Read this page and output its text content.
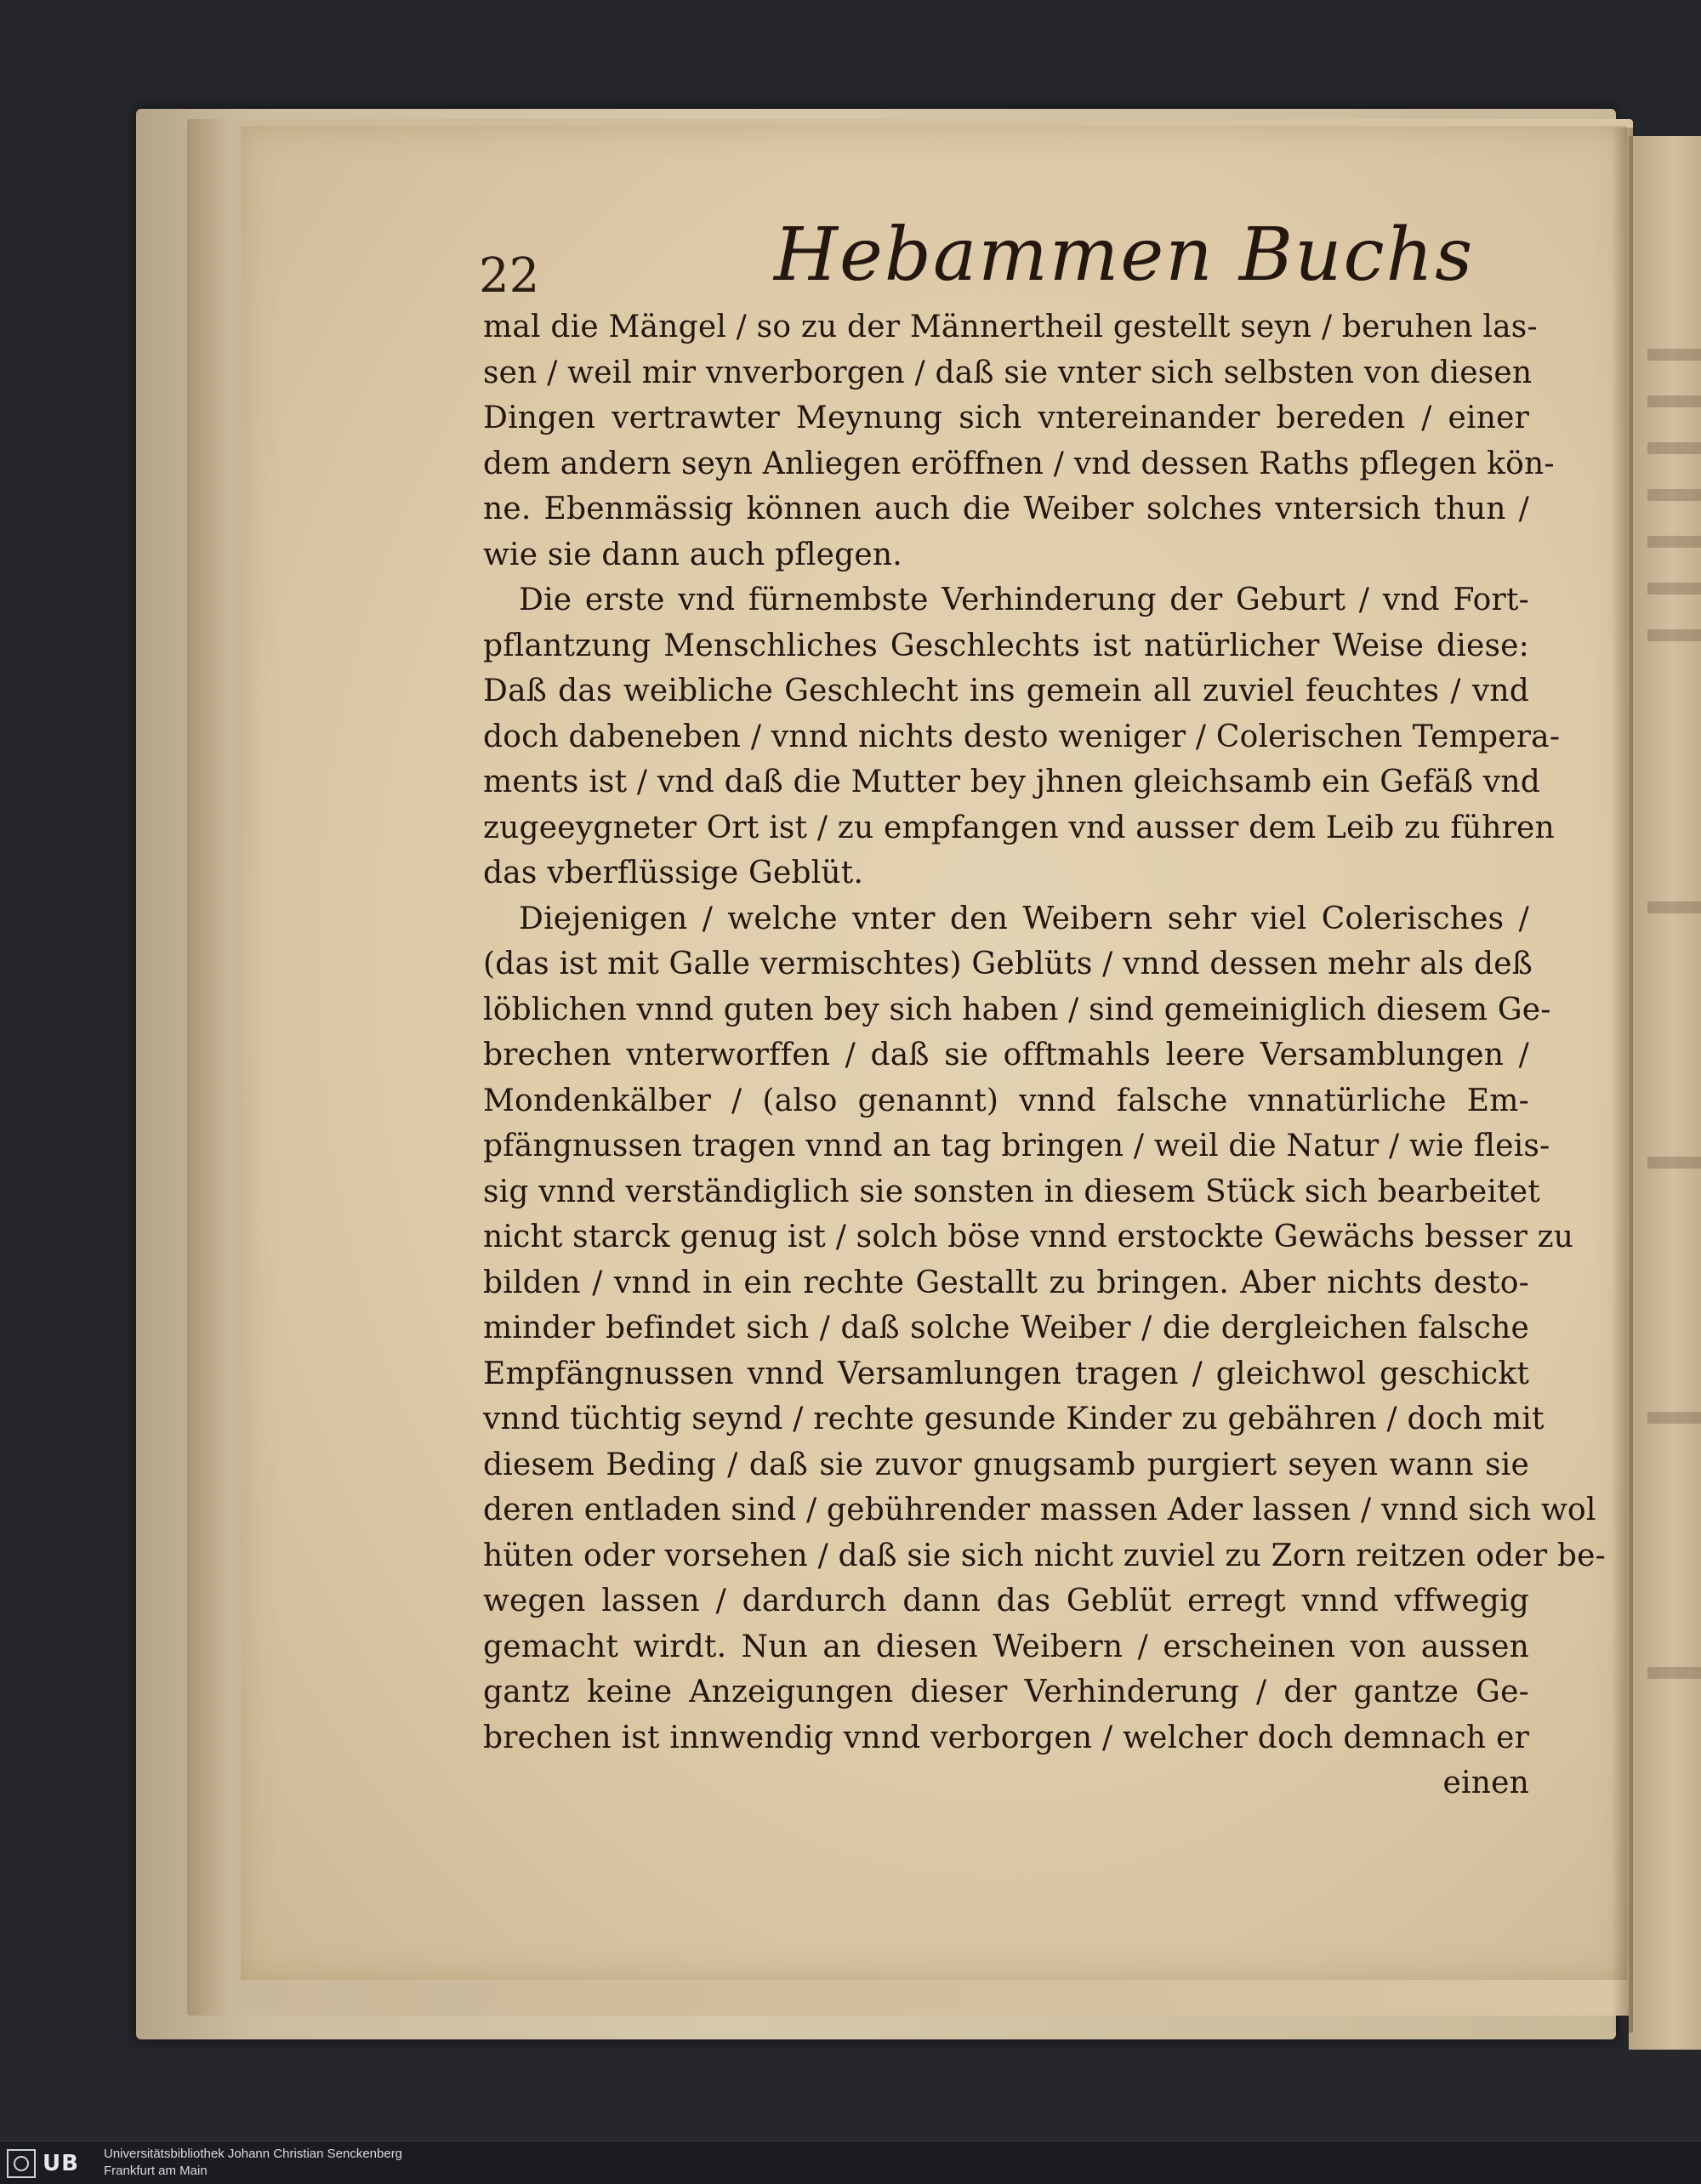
22	Hebammen Buchs
mal die Mängel / so zu der Männertheil gestellt seyn / beruhen las-
sen / weil mir vnverborgen / daß sie vnter sich selbsten von diesen
Dingen vertrawter Meynung sich vntereinander bereden / einer
dem andern seyn Anliegen eröffnen / vnd dessen Raths pflegen kön-
ne. Ebenmässig können auch die Weiber solches vntersich thun /
wie sie dann auch pflegen.
Die erste vnd fürnembste Verhinderung der Geburt / vnd Fort-
pflantzung Menschliches Geschlechts ist natürlicher Weise diese:
Daß das weibliche Geschlecht ins gemein all zuviel feuchtes / vnd
doch dabeneben / vnnd nichts desto weniger / Colerischen Tempera-
ments ist / vnd daß die Mutter bey jhnen gleichsamb ein Gefäß vnd
zugeeygneter Ort ist / zu empfangen vnd ausser dem Leib zu führen
das vberflüssige Geblüt.
Diejenigen / welche vnter den Weibern sehr viel Colerisches /
(das ist mit Galle vermischtes) Geblüts / vnnd dessen mehr als deß
löblichen vnnd guten bey sich haben / sind gemeiniglich diesem Ge-
brechen vnterworffen / daß sie offtmahls leere Versamblungen /
Mondenkälber / (also genannt) vnnd falsche vnnatürliche Em-
pfängnussen tragen vnnd an tag bringen / weil die Natur / wie fleis-
sig vnnd verständiglich sie sonsten in diesem Stück sich bearbeitet
nicht starck genug ist / solch böse vnnd erstockte Gewächs besser zu
bilden / vnnd in ein rechte Gestallt zu bringen. Aber nichts desto-
minder befindet sich / daß solche Weiber / die dergleichen falsche
Empfängnussen vnnd Versamlungen tragen / gleichwol geschickt
vnnd tüchtig seynd / rechte gesunde Kinder zu gebähren / doch mit
diesem Beding / daß sie zuvor gnugsamb purgiert seyen wann sie
deren entladen sind / gebührender massen Ader lassen / vnnd sich wol
hüten oder vorsehen / daß sie sich nicht zuviel zu Zorn reitzen oder be-
wegen lassen / dardurch dann das Geblüt erregt vnnd vffwegig
gemacht wirdt. Nun an diesen Weibern / erscheinen von aussen
gantz keine Anzeigungen dieser Verhinderung / der gantze Ge-
brechen ist innwendig vnnd verborgen / welcher doch demnach er
einen
UB Universitätsbibliothek Johann Christian Senckenberg
Frankfurt am Main
